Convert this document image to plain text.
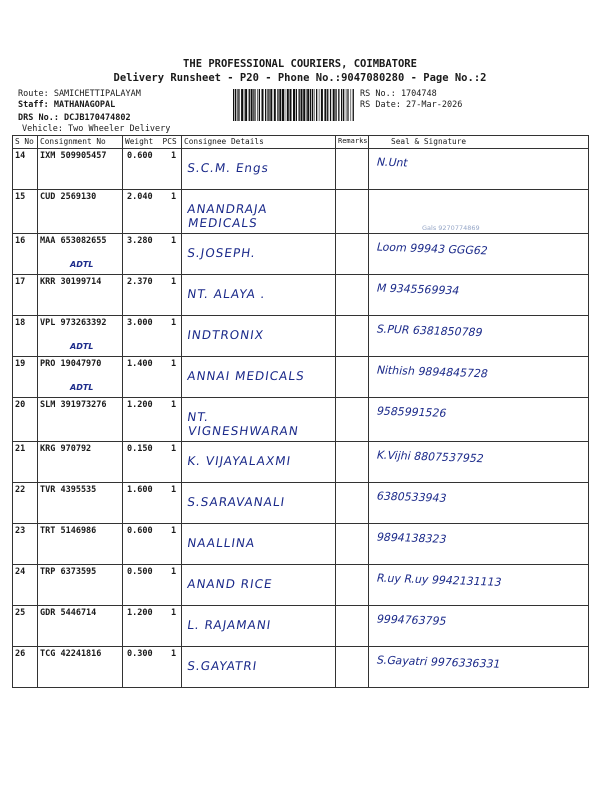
THE PROFESSIONAL COURIERS, COIMBATORE
Delivery Runsheet - P20 - Phone No.:9047080280 - Page No.:2
Route: SAMICHETTIPALAYAM
Staff: MATHANAGOPAL
DRS No.: DCJB170474802
Vehicle: Two Wheeler Delivery
RS No.: 1704748
RS Date: 27-Mar-2026
S No	Consignment No	Weight  PCS	Consignee Details	Remarks	Seal & Signature
14	IXM 509905457	0.600 1	S.C.M. Engs		N.Unt

15	CUD 2569130	2.040 1	ANANDRAJA
MEDICALS		

16	MAA 653082655
ADTL	3.280 1	S.JOSEPH.		Loom 99943 GGG62

17	KRR 30199714	2.370 1	NT. ALAYA .		M 9345569934

18	VPL 973263392
ADTL	3.000 1	INDTRONIX		S.PUR 6381850789

19	PRO 19047970
ADTL	1.400 1	ANNAI MEDICALS		Nithish 9894845728

20	SLM 391973276	1.200 1	NT.
VIGNESHWARAN		9585991526

21	KRG 970792	0.150 1	K. VIJAYALAXMI		K.Vijhi 8807537952

22	TVR 4395535	1.600 1	S.SARAVANALI		6380533943

23	TRT 5146986	0.600 1	NAALLINA		9894138323

24	TRP 6373595	0.500 1	ANAND RICE		R.uy R.uy 9942131113

25	GDR 5446714	1.200 1	L. RAJAMANI		9994763795

26	TCG 42241816	0.300 1	S.GAYATRI		S.Gayatri 9976336331
Gals 9270774869
